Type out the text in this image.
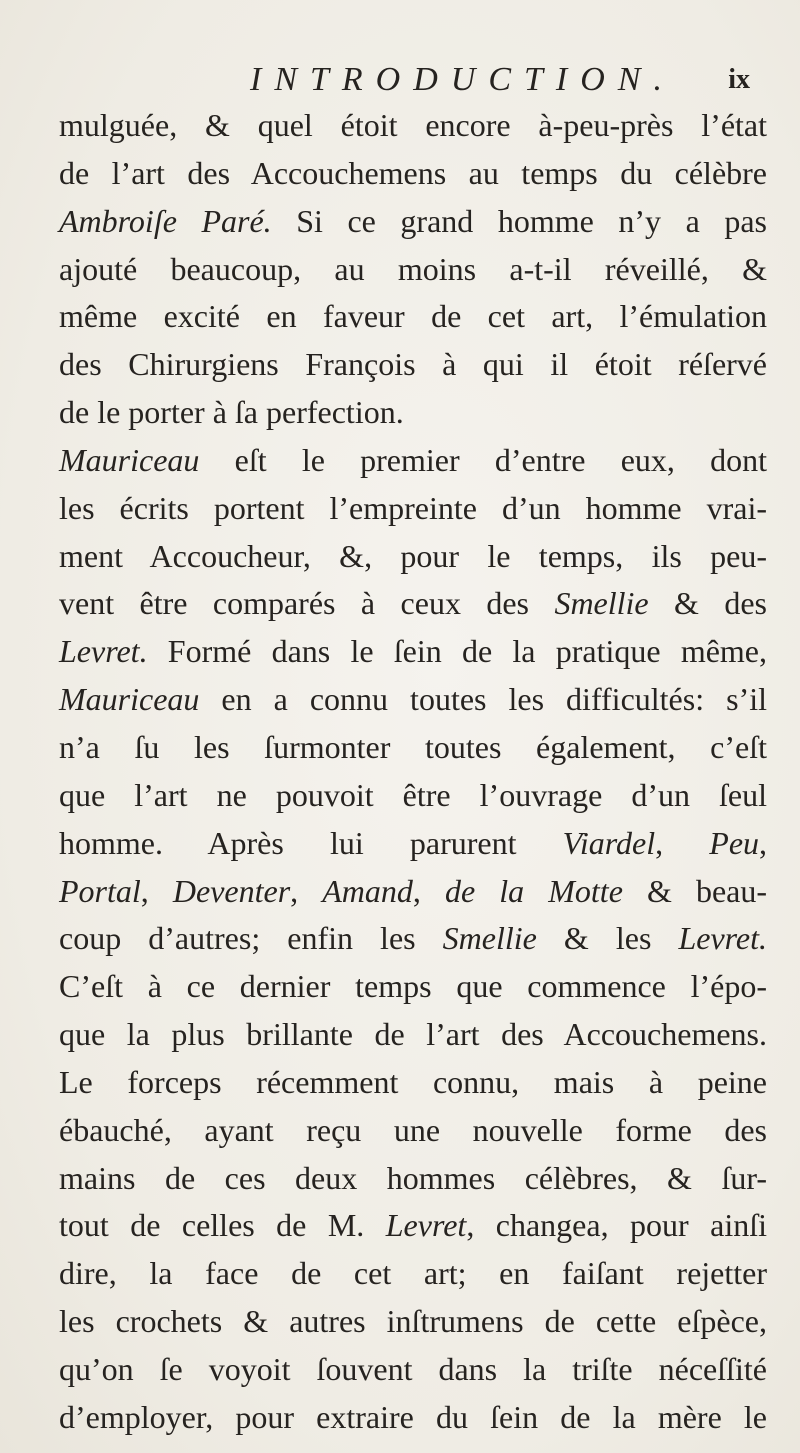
INTRODUCTION. ix
mulguée, & quel étoit encore à-peu-près l’état
de l’art des Accouchemens au temps du célèbre
Ambroiſe Paré. Si ce grand homme n’y a pas
ajouté beaucoup, au moins a-t-il réveillé, &
même excité en faveur de cet art, l’émulation
des Chirurgiens François à qui il étoit réſervé
de le porter à ſa perfection.
Mauriceau eſt le premier d’entre eux, dont
les écrits portent l’empreinte d’un homme vrai-
ment Accoucheur, &, pour le temps, ils peu-
vent être comparés à ceux des Smellie & des
Levret. Formé dans le ſein de la pratique même,
Mauriceau en a connu toutes les difficultés: s’il
n’a ſu les ſurmonter toutes également, c’eſt
que l’art ne pouvoit être l’ouvrage d’un ſeul
homme. Après lui parurent Viardel, Peu,
Portal, Deventer, Amand, de la Motte & beau-
coup d’autres; enfin les Smellie & les Levret.
C’eſt à ce dernier temps que commence l’épo-
que la plus brillante de l’art des Accouchemens.
Le forceps récemment connu, mais à peine
ébauché, ayant reçu une nouvelle forme des
mains de ces deux hommes célèbres, & ſur-
tout de celles de M. Levret, changea, pour ainſi
dire, la face de cet art; en faiſant rejetter
les crochets & autres inſtrumens de cette eſpèce,
qu’on ſe voyoit ſouvent dans la triſte néceſſité
d’employer, pour extraire du ſein de la mère le
